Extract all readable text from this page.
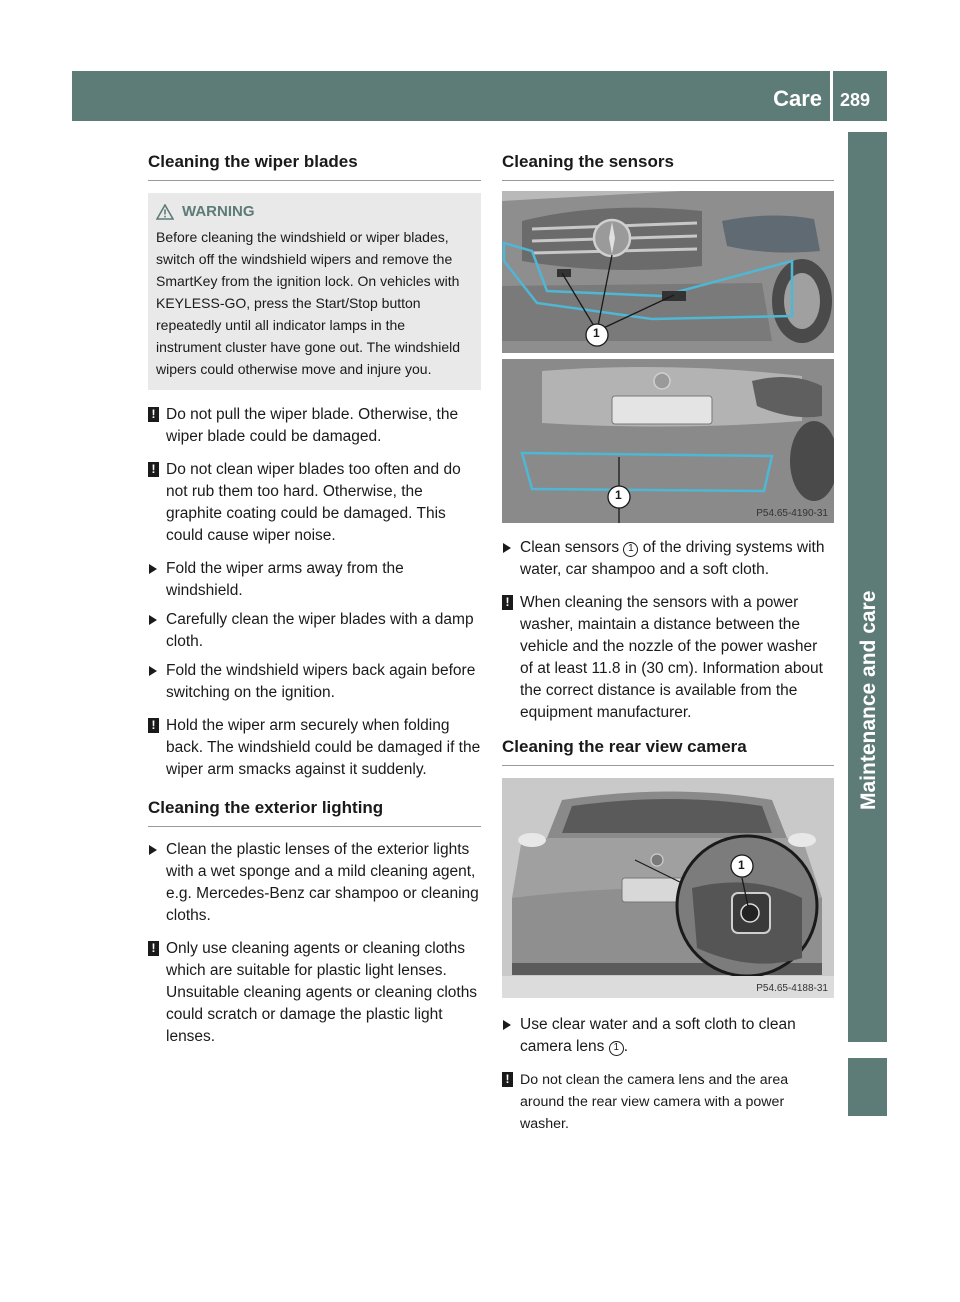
Care 289
Maintenance and care
Cleaning the wiper blades
WARNING
Before cleaning the windshield or wiper blades, switch off the windshield wipers and remove the SmartKey from the ignition lock. On vehicles with KEYLESS-GO, press the Start/Stop button repeatedly until all indicator lamps in the instrument cluster have gone out. The windshield wipers could otherwise move and injure you.
! Do not pull the wiper blade. Otherwise, the wiper blade could be damaged.
! Do not clean wiper blades too often and do not rub them too hard. Otherwise, the graphite coating could be damaged. This could cause wiper noise.
Fold the wiper arms away from the windshield.
Carefully clean the wiper blades with a damp cloth.
Fold the windshield wipers back again before switching on the ignition.
! Hold the wiper arm securely when folding back. The windshield could be damaged if the wiper arm smacks against it suddenly.
Cleaning the exterior lighting
Clean the plastic lenses of the exterior lights with a wet sponge and a mild cleaning agent, e.g. Mercedes-Benz car shampoo or cleaning cloths.
! Only use cleaning agents or cleaning cloths which are suitable for plastic light lenses. Unsuitable cleaning agents or cleaning cloths could scratch or damage the plastic light lenses.
Cleaning the sensors
1
1
P54.65-4190-31
Clean sensors 1 of the driving systems with water, car shampoo and a soft cloth.
! When cleaning the sensors with a power washer, maintain a distance between the vehicle and the nozzle of the power washer of at least 11.8 in (30 cm). Information about the correct distance is available from the equipment manufacturer.
Cleaning the rear view camera
1
P54.65-4188-31
Use clear water and a soft cloth to clean camera lens 1 .
! Do not clean the camera lens and the area around the rear view camera with a power washer.
